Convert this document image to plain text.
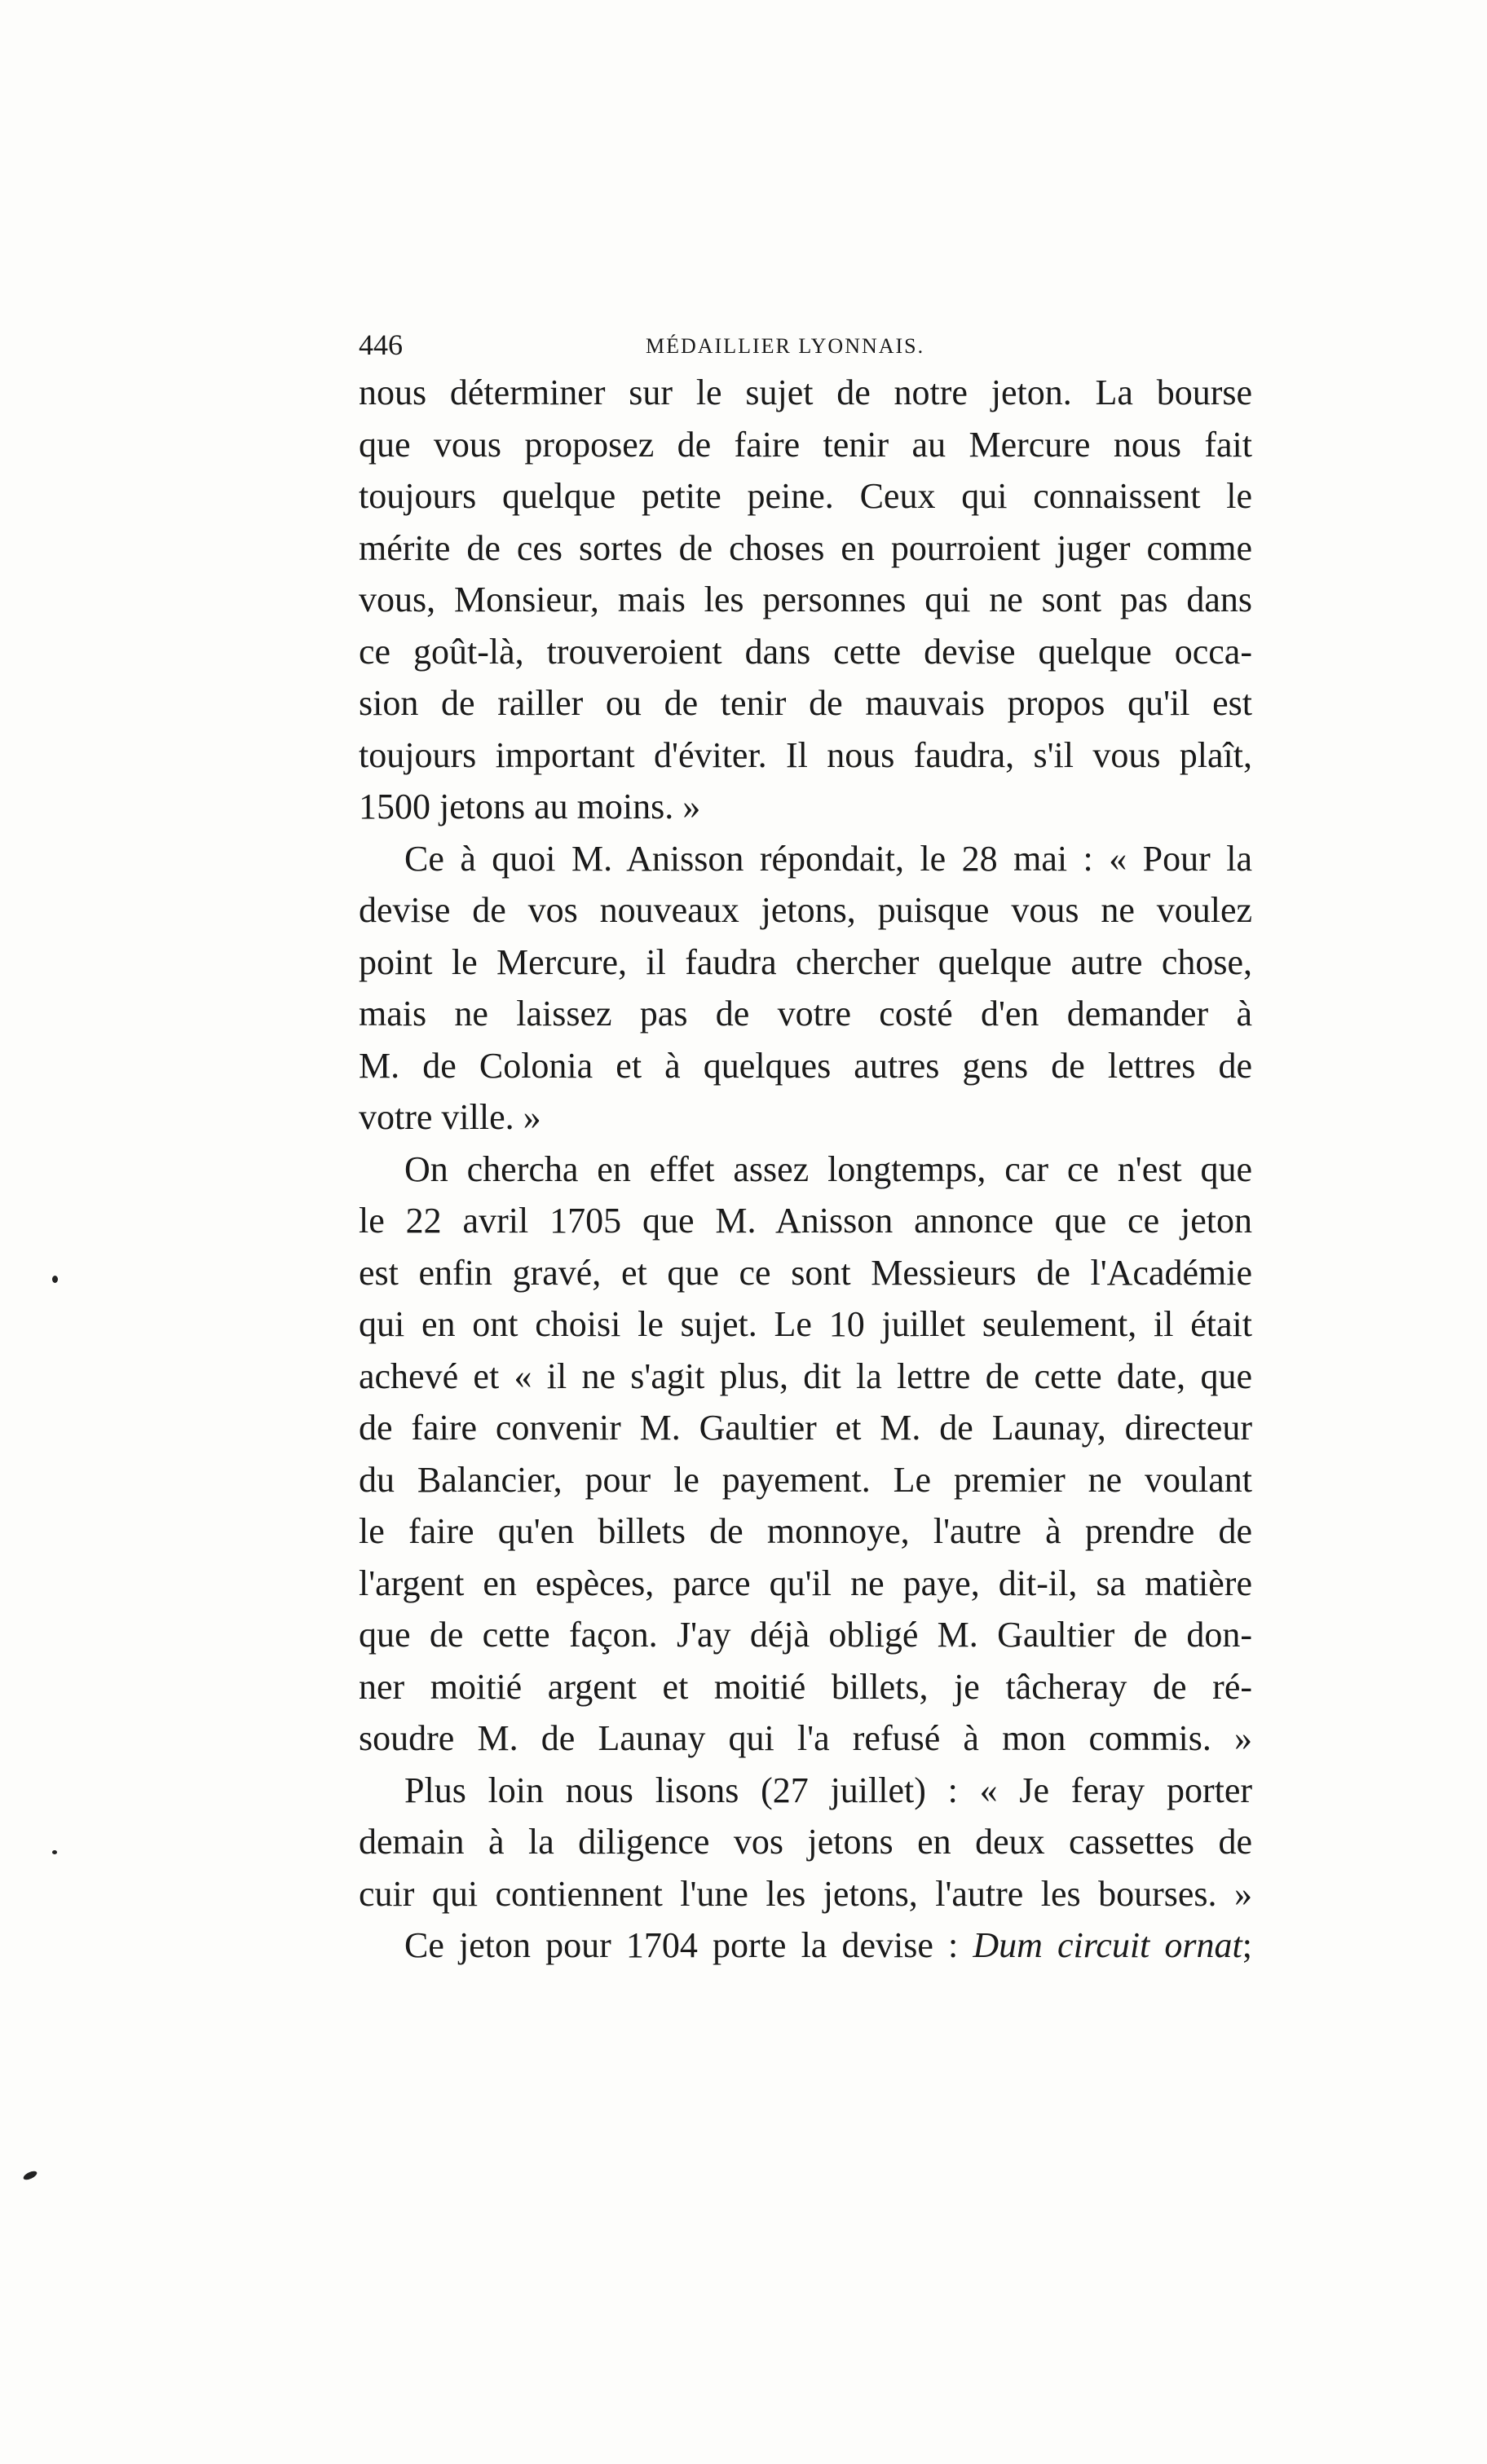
446	MÉDAILLIER LYONNAIS.
nous déterminer sur le sujet de notre jeton. La bourse
que vous proposez de faire tenir au Mercure nous fait
toujours quelque petite peine. Ceux qui connaissent le
mérite de ces sortes de choses en pourroient juger comme
vous, Monsieur, mais les personnes qui ne sont pas dans
ce goût-là, trouveroient dans cette devise quelque occa-
sion de railler ou de tenir de mauvais propos qu'il est
toujours important d'éviter. Il nous faudra, s'il vous plaît,
1500 jetons au moins. »
Ce à quoi M. Anisson répondait, le 28 mai : « Pour la
devise de vos nouveaux jetons, puisque vous ne voulez
point le Mercure, il faudra chercher quelque autre chose,
mais ne laissez pas de votre costé d'en demander à
M. de Colonia et à quelques autres gens de lettres de
votre ville. »
On chercha en effet assez longtemps, car ce n'est que
le 22 avril 1705 que M. Anisson annonce que ce jeton
est enfin gravé, et que ce sont Messieurs de l'Académie
qui en ont choisi le sujet. Le 10 juillet seulement, il était
achevé et « il ne s'agit plus, dit la lettre de cette date, que
de faire convenir M. Gaultier et M. de Launay, directeur
du Balancier, pour le payement. Le premier ne voulant
le faire qu'en billets de monnoye, l'autre à prendre de
l'argent en espèces, parce qu'il ne paye, dit-il, sa matière
que de cette façon. J'ay déjà obligé M. Gaultier de don-
ner moitié argent et moitié billets, je tâcheray de ré-
soudre M. de Launay qui l'a refusé à mon commis. »
Plus loin nous lisons (27 juillet) : « Je feray porter
demain à la diligence vos jetons en deux cassettes de
cuir qui contiennent l'une les jetons, l'autre les bourses. »
Ce jeton pour 1704 porte la devise : Dum circuit ornat;
